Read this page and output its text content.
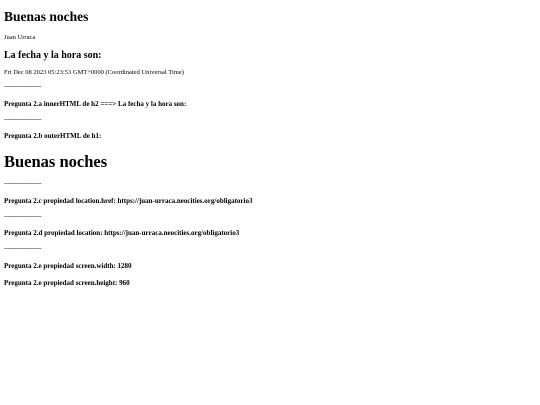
Buenas noches

Juan Urraca

La fecha y la hora son:

Fri Dec 08 2023 05:23:53 GMT+0000 (Coordinated Universal Time)

--------------------

Pregunta 2.a innerHTML de h2 ===> La fecha y la hora son:

--------------------

Pregunta 2.b outerHTML de h1:

Buenas noches

--------------------

Pregunta 2.c propiedad location.href: https://juan-urraca.neocities.org/obligatorio3

--------------------

Pregunta 2.d propiedad location: https://juan-urraca.neocities.org/obligatorio3

--------------------

Pregunta 2.e propiedad screen.width: 1280

Pregunta 2.e propiedad screen.height: 960
